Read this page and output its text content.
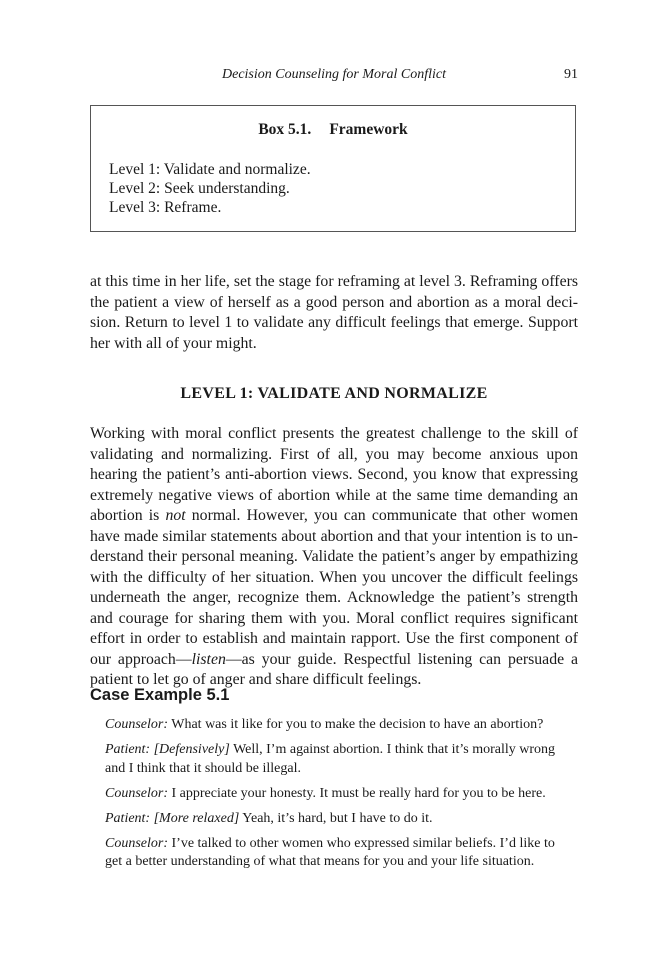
Decision Counseling for Moral Conflict	91
Box 5.1. Framework
Level 1: Validate and normalize.
Level 2: Seek understanding.
Level 3: Reframe.

at this time in her life, set the stage for reframing at level 3. Reframing offers the patient a view of herself as a good person and abortion as a moral decision. Return to level 1 to validate any difficult feelings that emerge. Support her with all of your might.

LEVEL 1: VALIDATE AND NORMALIZE

Working with moral conflict presents the greatest challenge to the skill of validating and normalizing. First of all, you may become anxious upon hearing the patient’s anti-abortion views. Second, you know that expressing extremely negative views of abortion while at the same time demanding an abortion is not normal. However, you can communicate that other women have made similar statements about abortion and that your intention is to understand their personal meaning. Validate the patient’s anger by empathizing with the difficulty of her situation. When you uncover the difficult feelings underneath the anger, recognize them. Acknowledge the patient’s strength and courage for sharing them with you. Moral conflict requires significant effort in order to establish and maintain rapport. Use the first component of our approach—listen—as your guide. Respectful listening can persuade a patient to let go of anger and share difficult feelings.

Case Example 5.1

Counselor: What was it like for you to make the decision to have an abortion?

Patient: [Defensively] Well, I’m against abortion. I think that it’s morally wrong and I think that it should be illegal.

Counselor: I appreciate your honesty. It must be really hard for you to be here.

Patient: [More relaxed] Yeah, it’s hard, but I have to do it.

Counselor: I’ve talked to other women who expressed similar beliefs. I’d like to get a better understanding of what that means for you and your life situation.
